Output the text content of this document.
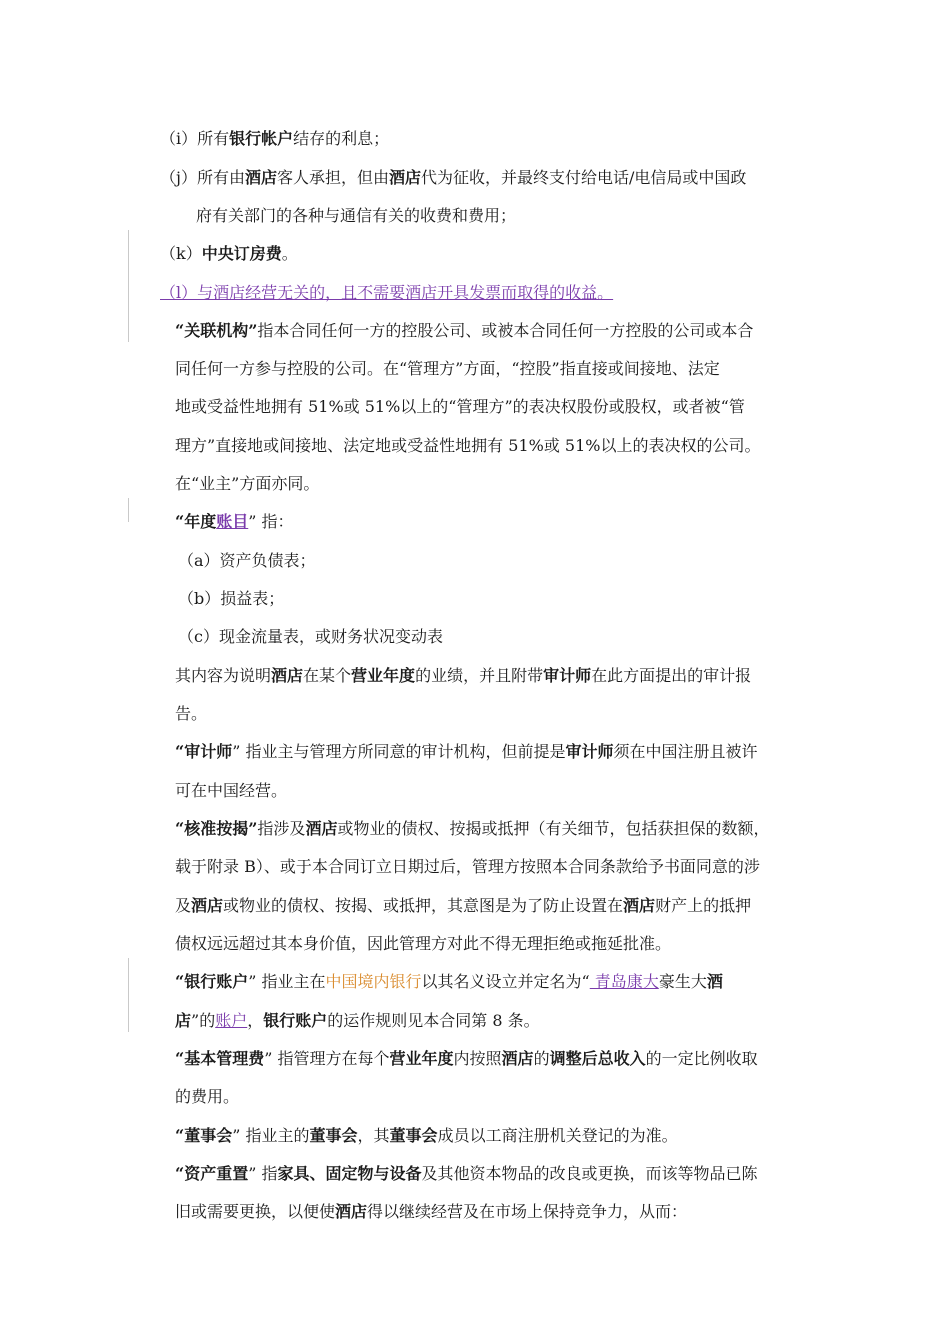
（i）所有银行帐户结存的利息；
（j）所有由酒店客人承担，但由酒店代为征收，并最终支付给电话/电信局或中国政
府有关部门的各种与通信有关的收费和费用；
（k）中央订房费。
（l）与酒店经营无关的，且不需要酒店开具发票而取得的收益。
“关联机构”指本合同任何一方的控股公司、或被本合同任何一方控股的公司或本合
同任何一方参与控股的公司。在“管理方”方面，“控股”指直接或间接地、法定
地或受益性地拥有 51%或 51%以上的“管理方”的表决权股份或股权，或者被“管
理方”直接地或间接地、法定地或受益性地拥有 51%或 51%以上的表决权的公司。
在“业主”方面亦同。
“年度账目” 指：
（a）资产负债表；
（b）损益表；
（c）现金流量表，或财务状况变动表
其内容为说明酒店在某个营业年度的业绩，并且附带审计师在此方面提出的审计报
告。
“审计师” 指业主与管理方所同意的审计机构，但前提是审计师须在中国注册且被许
可在中国经营。
“核准按揭”指涉及酒店或物业的债权、按揭或抵押（有关细节，包括获担保的数额，
载于附录 B）、或于本合同订立日期过后，管理方按照本合同条款给予书面同意的涉
及酒店或物业的债权、按揭、或抵押，其意图是为了防止设置在酒店财产上的抵押
债权远远超过其本身价值，因此管理方对此不得无理拒绝或拖延批准。
“银行账户” 指业主在中国境内银行以其名义设立并定名为“ 青岛康大豪生大酒
店”的账户，银行账户的运作规则见本合同第 8 条。
“基本管理费” 指管理方在每个营业年度内按照酒店的调整后总收入的一定比例收取
的费用。
“董事会” 指业主的董事会，其董事会成员以工商注册机关登记的为准。
“资产重置” 指家具、固定物与设备及其他资本物品的改良或更换，而该等物品已陈
旧或需要更换，以便使酒店得以继续经营及在市场上保持竞争力，从而：
